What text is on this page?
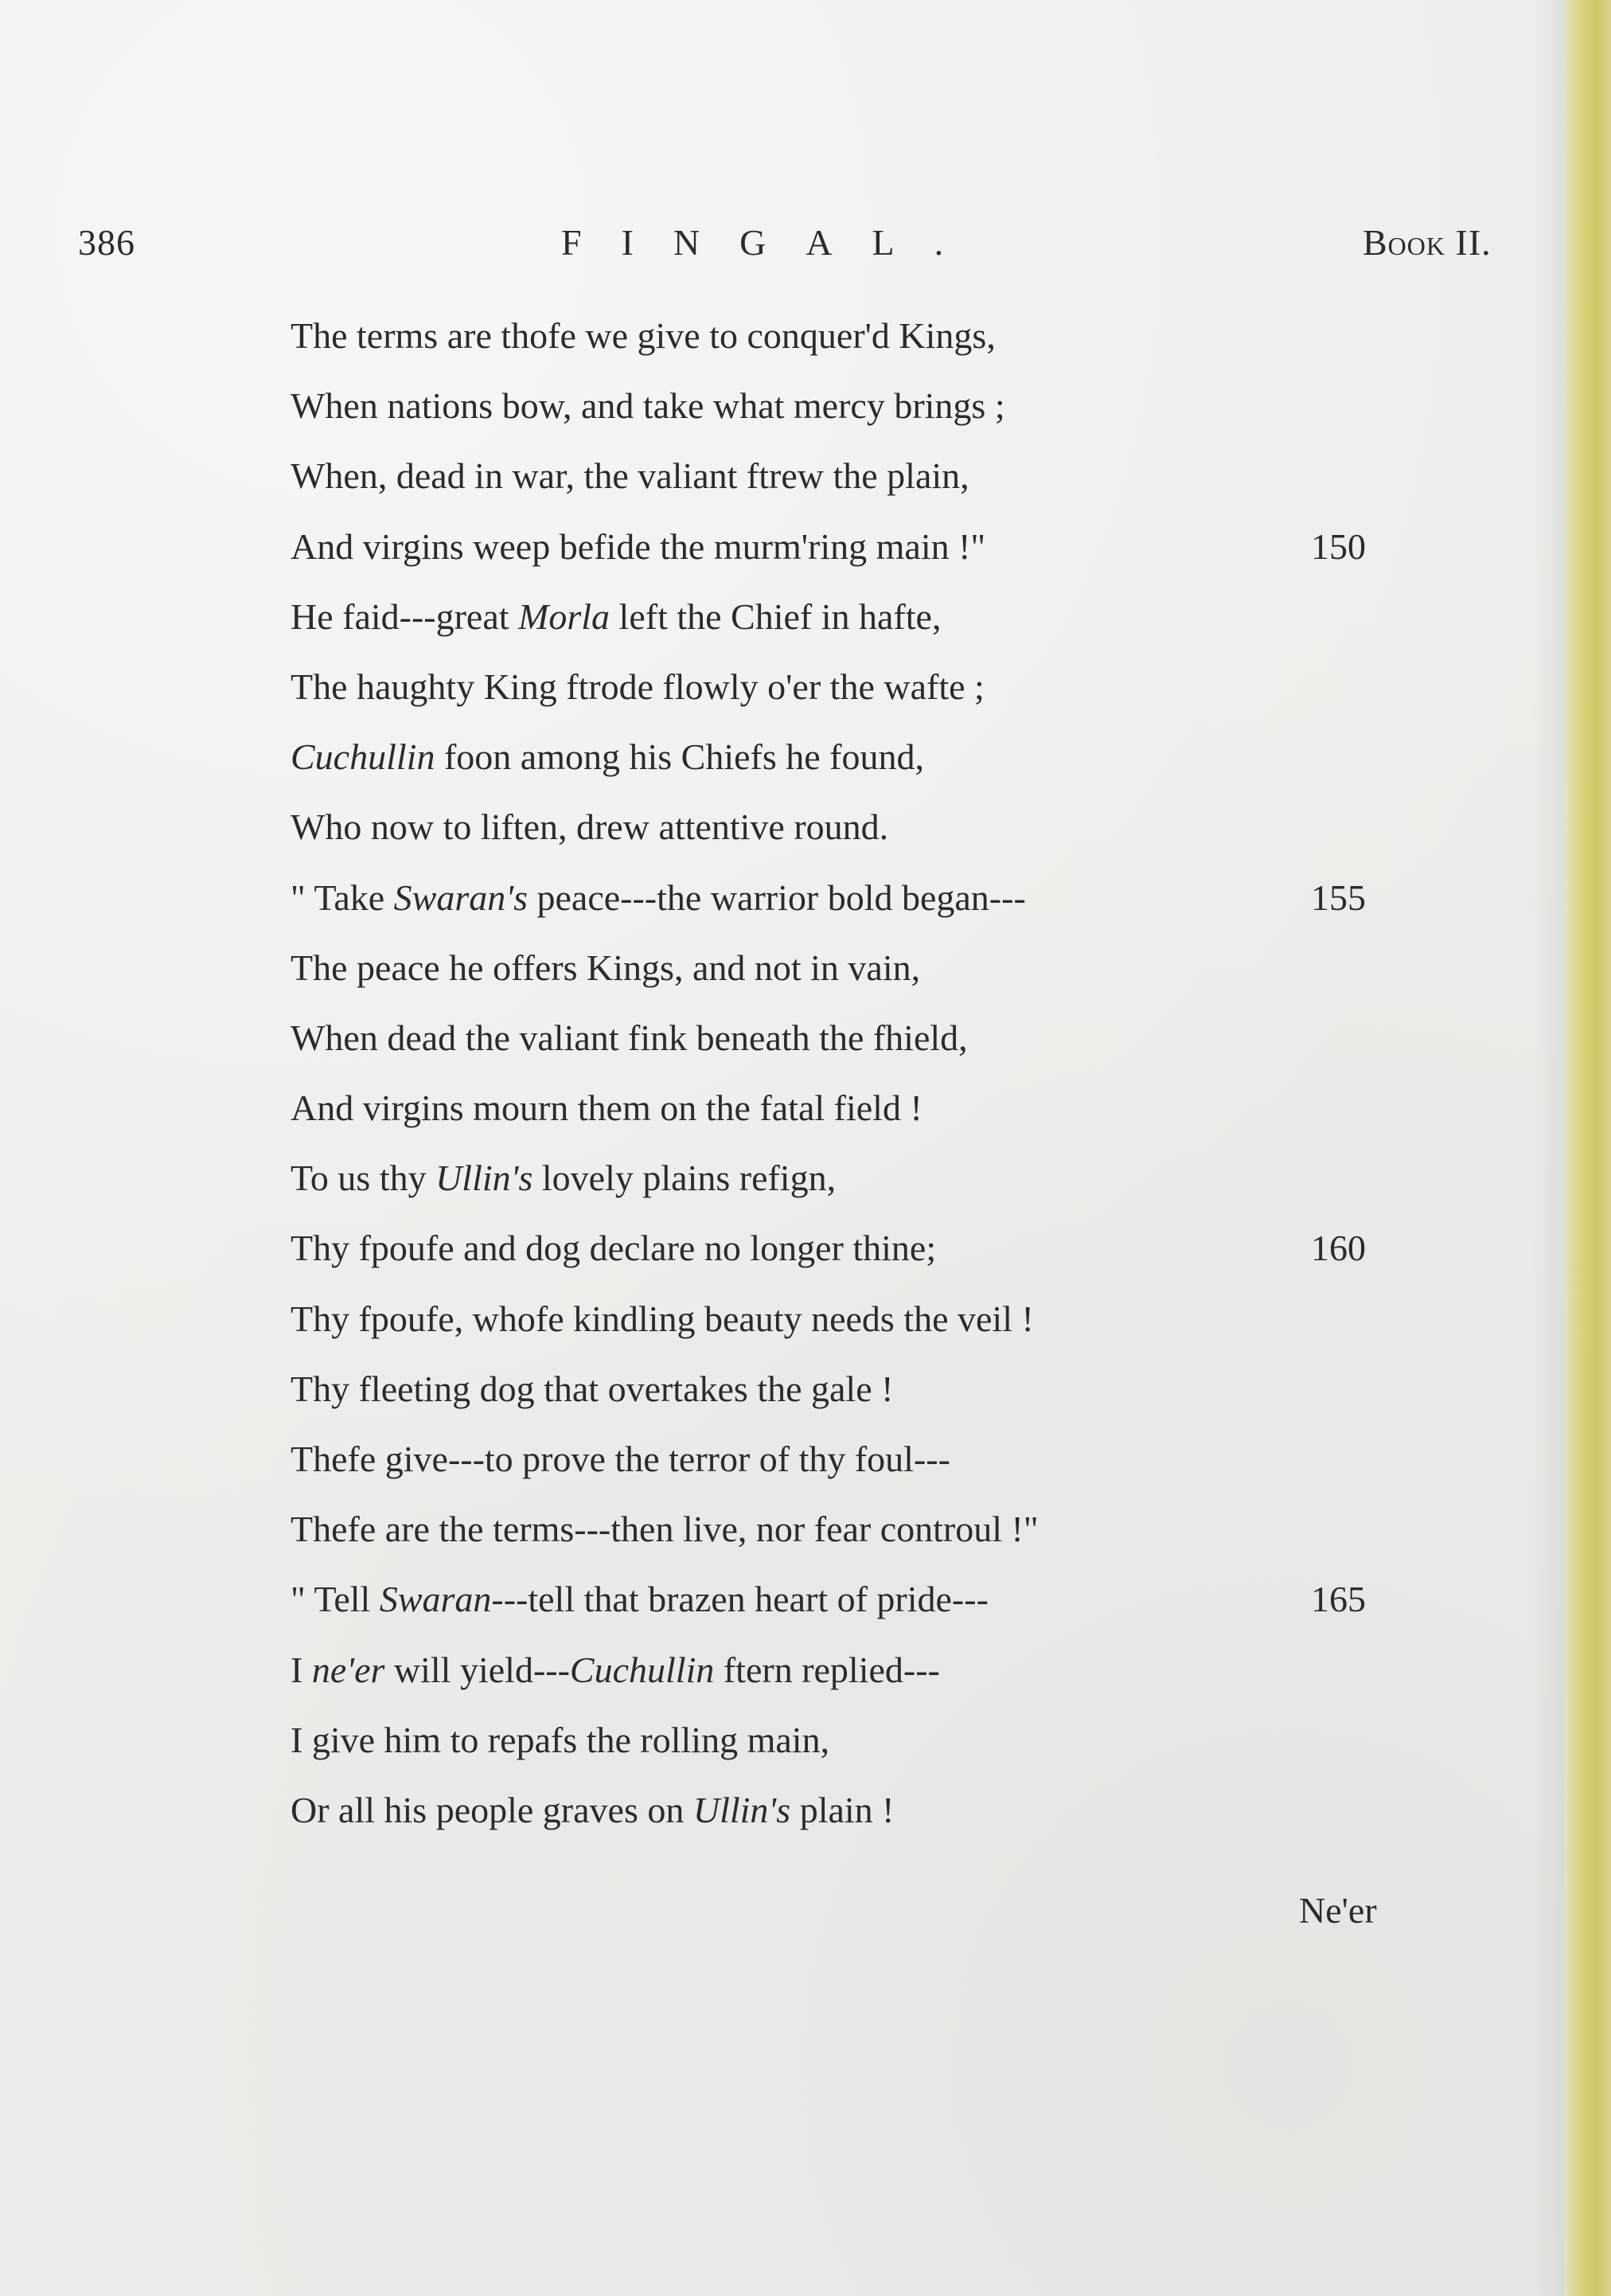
386	FINGAL.	Book II.
The terms are thofe we give to conquer'd Kings,
When nations bow, and take what mercy brings ;
When, dead in war, the valiant ftrew the plain,
And virgins weep befide the murm'ring main !"	150
He faid---great Morla left the Chief in hafte,
The haughty King ftrode flowly o'er the wafte ;
Cuchullin foon among his Chiefs he found,
Who now to liften, drew attentive round.
" Take Swaran's peace---the warrior bold began---	155
The peace he offers Kings, and not in vain,
When dead the valiant fink beneath the fhield,
And virgins mourn them on the fatal field !
To us thy Ullin's lovely plains refign,
Thy fpoufe and dog declare no longer thine;	160
Thy fpoufe, whofe kindling beauty needs the veil !
Thy fleeting dog that overtakes the gale !
Thefe give---to prove the terror of thy foul---
Thefe are the terms---then live, nor fear controul !"
" Tell Swaran---tell that brazen heart of pride---	165
I ne'er will yield---Cuchullin ftern replied---
I give him to repafs the rolling main,
Or all his people graves on Ullin's plain !
Ne'er
